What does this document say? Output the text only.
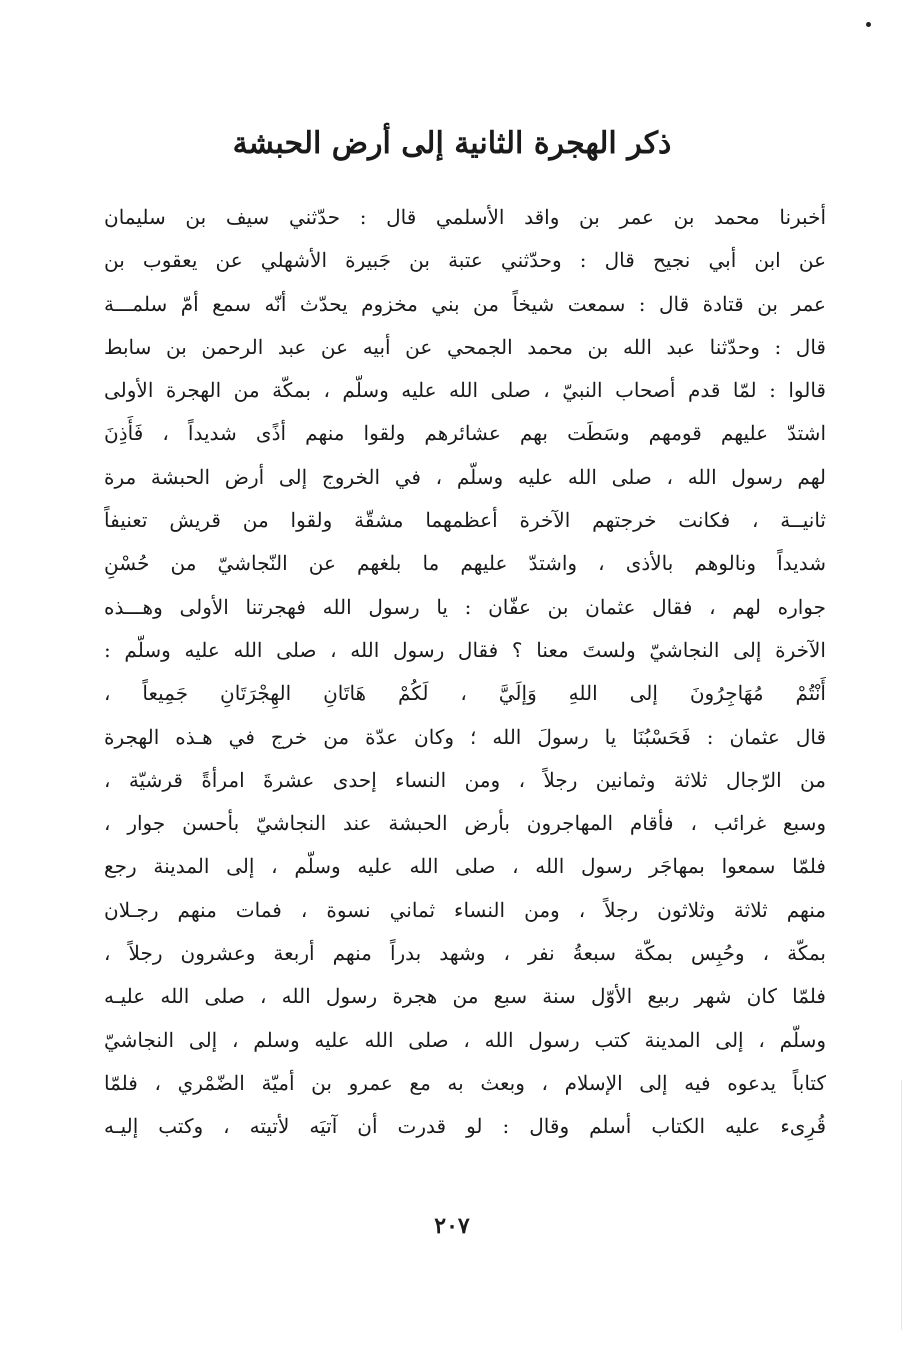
ذكر الهجرة الثانية إلى أرض الحبشة
أخبرنا محمد بن عمر بن واقد الأسلمي قال : حدّثني سيف بن سليمان
عن ابن أبي نجيح قال : وحدّثني عتبة بن جَبيرة الأشهلي عن يعقوب بن
عمر بن قتادة قال : سمعت شيخاً من بني مخزوم يحدّث أنّه سمع أمّ سلمـــة
قال : وحدّثنا عبد الله بن محمد الجمحي عن أبيه عن عبد الرحمن بن سابط
قالوا : لمّا قدم أصحاب النبيّ ، صلى الله عليه وسلّم ، بمكّة من الهجرة الأولى
اشتدّ عليهم قومهم وسَطَت بهم عشائرهم ولقوا منهم أذًى شديداً ، فَأَذِنَ
لهم رسول الله ، صلى الله عليه وسلّم ، في الخروج إلى أرض الحبشة مرة
ثانيــة ، فكانت خرجتهم الآخرة أعظمهما مشقّة ولقوا من قريش تعنيفاً
شديداً ونالوهم بالأذى ، واشتدّ عليهم ما بلغهم عن النّجاشيّ من حُسْنِ
جواره لهم ، فقال عثمان بن عفّان : يا رسول الله فهجرتنا الأولى وهـــذه
الآخرة إلى النجاشيّ ولستَ معنا ؟ فقال رسول الله ، صلى الله عليه وسلّم :
أَنْتُمْ مُهَاجِرُونَ إلى اللهِ وَإلَيَّ ، لَكُمْ هَاتَانِ الهِجْرَتَانِ جَمِيعاً ،
قال عثمان : فَحَسْبُنَا يا رسولَ الله ؛ وكان عدّة من خرج في هـذه الهجرة
من الرّجال ثلاثة وثمانين رجلاً ، ومن النساء إحدى عشرةَ امرأةً قرشيّة ،
وسبع غرائب ، فأقام المهاجرون بأرض الحبشة عند النجاشيّ بأحسن جوار ،
فلمّا سمعوا بمهاجَر رسول الله ، صلى الله عليه وسلّم ، إلى المدينة رجع
منهم ثلاثة وثلاثون رجلاً ، ومن النساء ثماني نسوة ، فمات منهم رجـلان
بمكّة ، وحُبِس بمكّة سبعةُ نفر ، وشهد بدراً منهم أربعة وعشرون رجلاً ،
فلمّا كان شهر ربيع الأوّل سنة سبع من هجرة رسول الله ، صلى الله عليـه
وسلّم ، إلى المدينة كتب رسول الله ، صلى الله عليه وسلم ، إلى النجاشيّ
كتاباً يدعوه فيه إلى الإسلام ، وبعث به مع عمرو بن أميّة الضّمْري ، فلمّا
قُرِىء عليه الكتاب أسلم وقال : لو قدرت أن آتيَه لأتيته ، وكتب إليـه
٢٠٧
